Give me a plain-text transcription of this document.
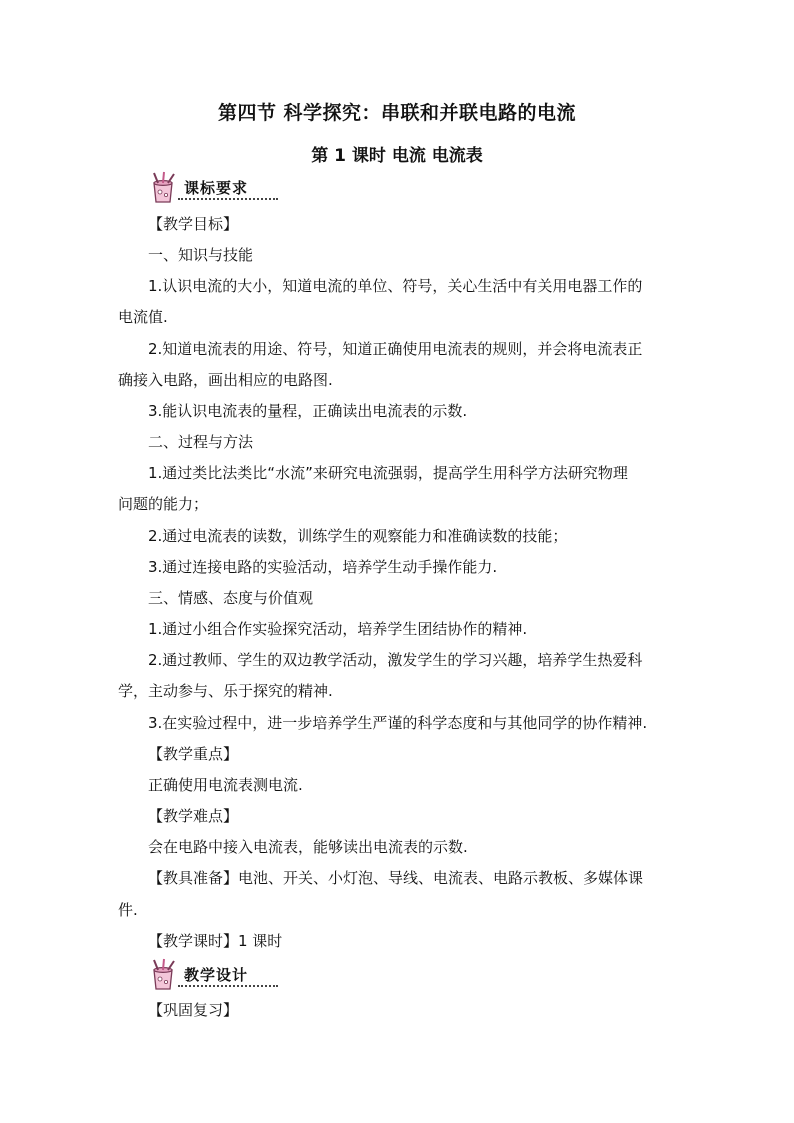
第四节 科学探究：串联和并联电路的电流
第 1 课时 电流 电流表
课标要求
【教学目标】
一、知识与技能
1.认识电流的大小，知道电流的单位、符号，关心生活中有关用电器工作的
电流值.
2.知道电流表的用途、符号，知道正确使用电流表的规则，并会将电流表正
确接入电路，画出相应的电路图.
3.能认识电流表的量程，正确读出电流表的示数.
二、过程与方法
1.通过类比法类比“水流”来研究电流强弱，提高学生用科学方法研究物理
问题的能力；
2.通过电流表的读数，训练学生的观察能力和准确读数的技能；
3.通过连接电路的实验活动，培养学生动手操作能力.
三、情感、态度与价值观
1.通过小组合作实验探究活动，培养学生团结协作的精神.
2.通过教师、学生的双边教学活动，激发学生的学习兴趣，培养学生热爱科
学，主动参与、乐于探究的精神.
3.在实验过程中，进一步培养学生严谨的科学态度和与其他同学的协作精神.
【教学重点】
正确使用电流表测电流.
【教学难点】
会在电路中接入电流表，能够读出电流表的示数.
【教具准备】电池、开关、小灯泡、导线、电流表、电路示教板、多媒体课
件.
【教学课时】1 课时
教学设计
【巩固复习】
